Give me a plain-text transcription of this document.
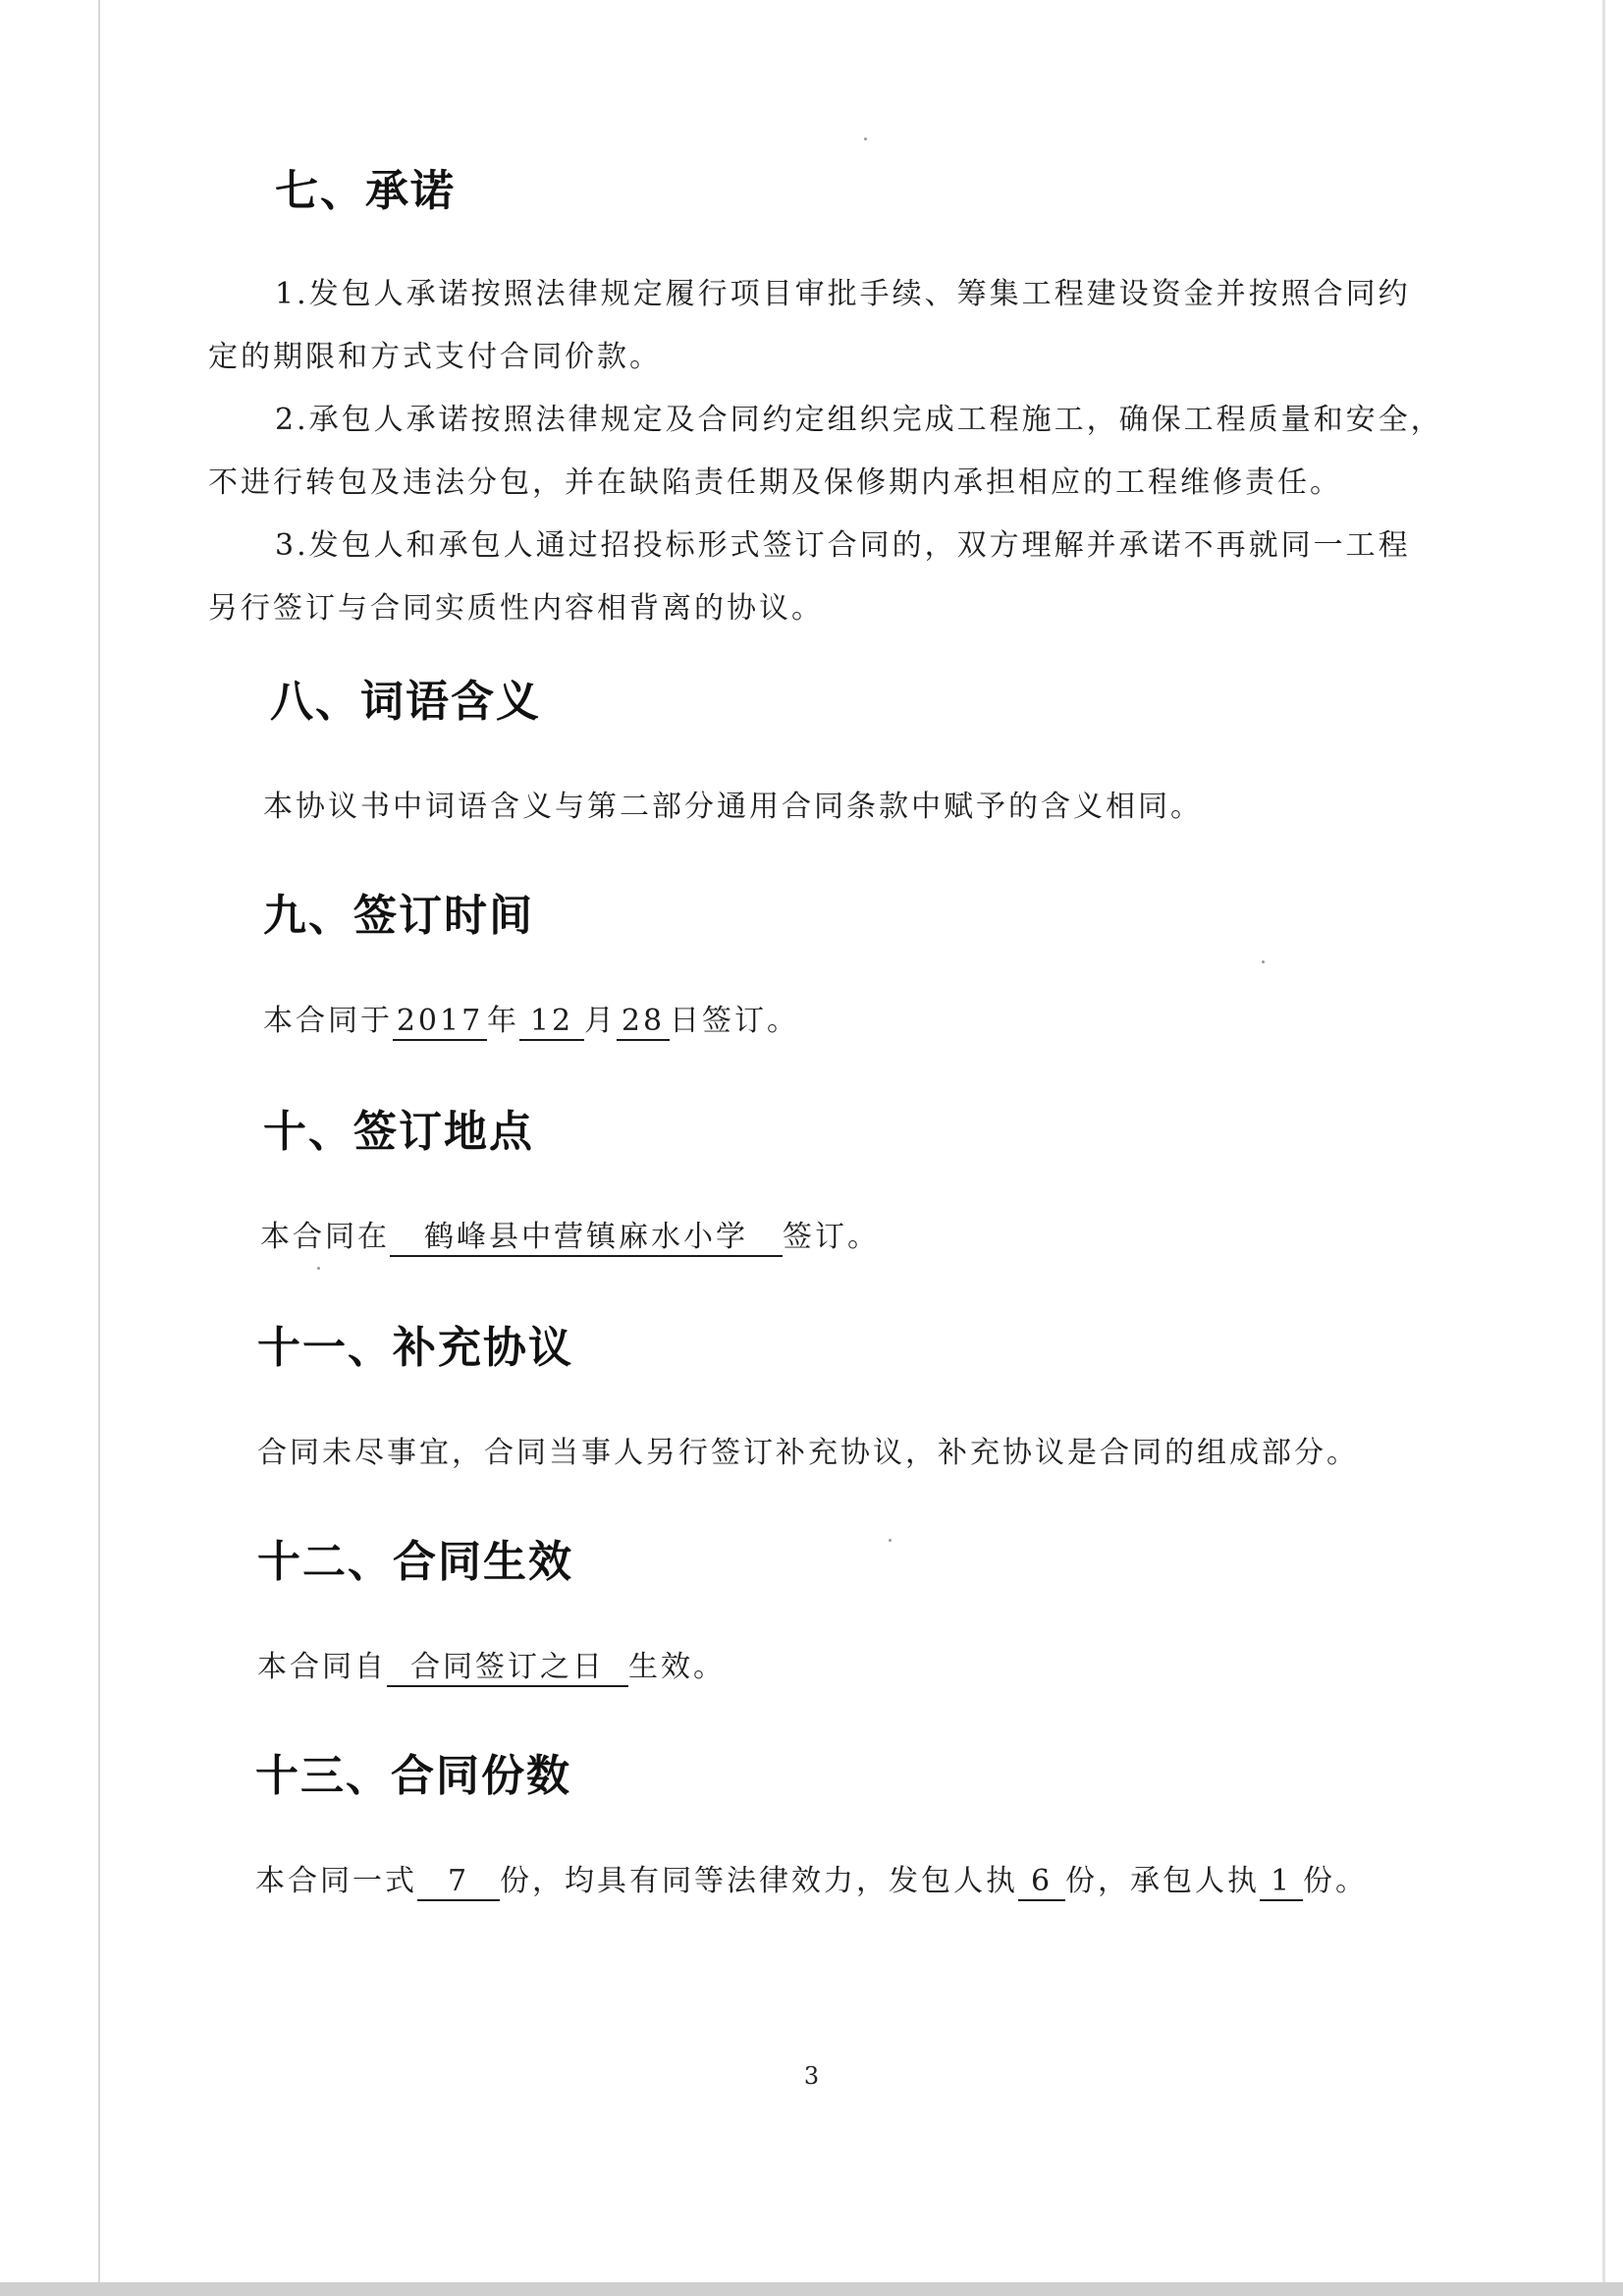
七、承诺
1.发包人承诺按照法律规定履行项目审批手续、筹集工程建设资金并按照合同约
定的期限和方式支付合同价款。
2.承包人承诺按照法律规定及合同约定组织完成工程施工，确保工程质量和安全，
不进行转包及违法分包，并在缺陷责任期及保修期内承担相应的工程维修责任。
3.发包人和承包人通过招投标形式签订合同的，双方理解并承诺不再就同一工程
另行签订与合同实质性内容相背离的协议。
八、词语含义
本协议书中词语含义与第二部分通用合同条款中赋予的含义相同。
九、签订时间
本合同于 2017 年 12 月 28 日签订。
十、签订地点
本合同在 鹤峰县中营镇麻水小学 签订。
十一、补充协议
合同未尽事宜，合同当事人另行签订补充协议，补充协议是合同的组成部分。
十二、合同生效
本合同自 合同签订之日 生效。
十三、合同份数
本合同一式 7 份，均具有同等法律效力，发包人执 6 份，承包人执 1 份。
3
